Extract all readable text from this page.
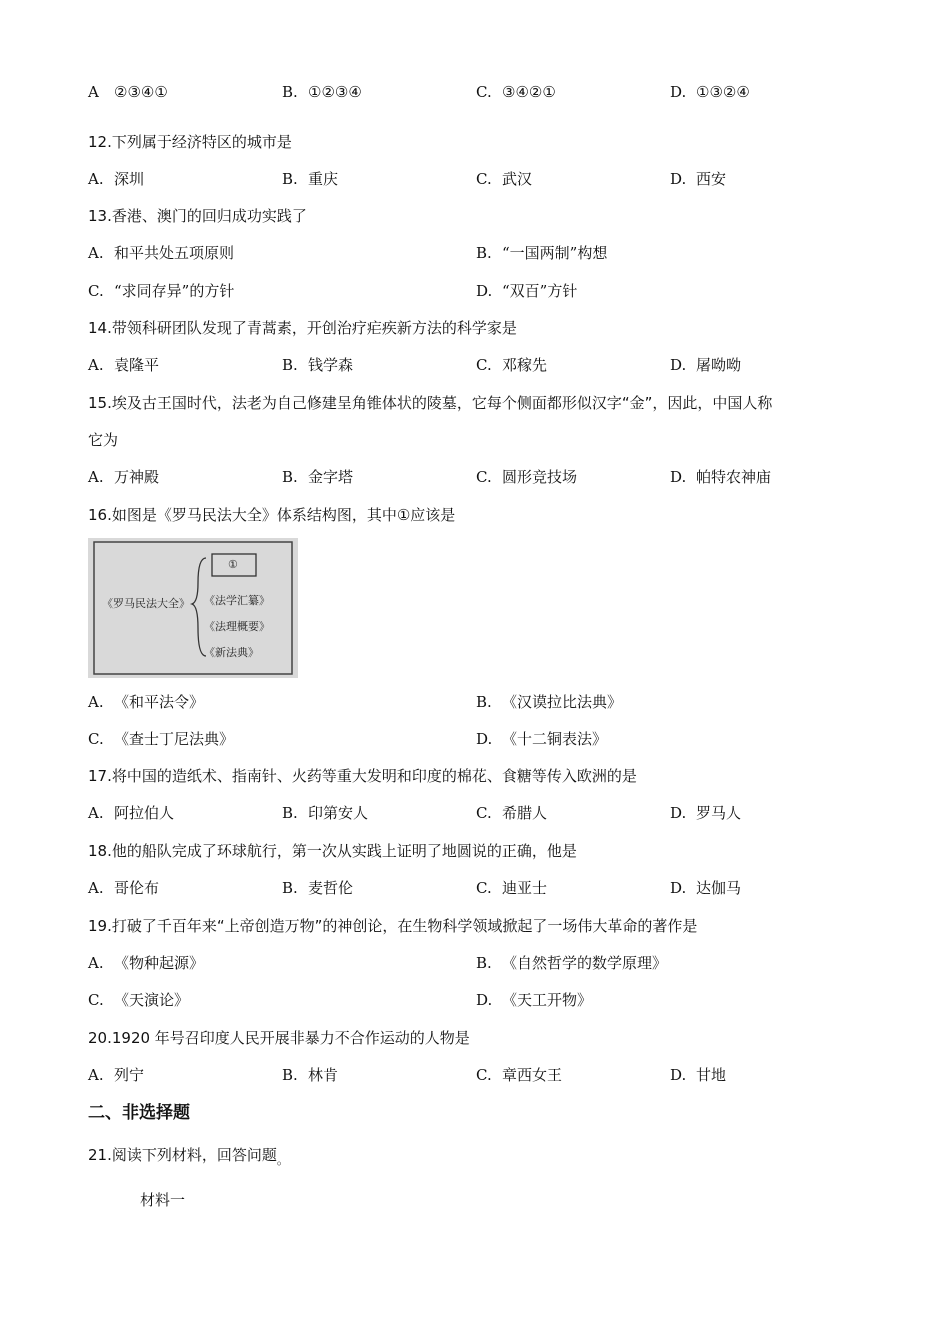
A ②③④①	B. ①②③④	C. ③④②①	D. ①③②④
12.下列属于经济特区的城市是
A. 深圳	B. 重庆	C. 武汉	D. 西安
13.香港、澳门的回归成功实践了
A. 和平共处五项原则	B. “一国两制”构想
C. “求同存异”的方针	D. “双百”方针
14.带领科研团队发现了青蒿素，开创治疗疟疾新方法的科学家是
A. 袁隆平	B. 钱学森	C. 邓稼先	D. 屠呦呦
15.埃及古王国时代，法老为自己修建呈角锥体状的陵墓，它每个侧面都形似汉字“金”，因此，中国人称
它为
A. 万神殿	B. 金字塔	C. 圆形竞技场	D. 帕特农神庙
16.如图是《罗马民法大全》体系结构图，其中①应该是
《罗马民法大全》
①
《法学汇纂》
《法理概要》
《新法典》
A. 《和平法令》	B. 《汉谟拉比法典》
C. 《查士丁尼法典》	D. 《十二铜表法》
17.将中国的造纸术、指南针、火药等重大发明和印度的棉花、食糖等传入欧洲的是
A. 阿拉伯人	B. 印第安人	C. 希腊人	D. 罗马人
18.他的船队完成了环球航行，第一次从实践上证明了地圆说的正确，他是
A. 哥伦布	B. 麦哲伦	C. 迪亚士	D. 达伽马
19.打破了千百年来“上帝创造万物”的神创论，在生物科学领域掀起了一场伟大革命的著作是
A. 《物种起源》	B. 《自然哲学的数学原理》
C. 《天演论》	D. 《天工开物》
20.1920 年号召印度人民开展非暴力不合作运动的人物是
A. 列宁	B. 林肯	C. 章西女王	D. 甘地
二、非选择题
21.阅读下列材料，回答问题$_。$
材料一
